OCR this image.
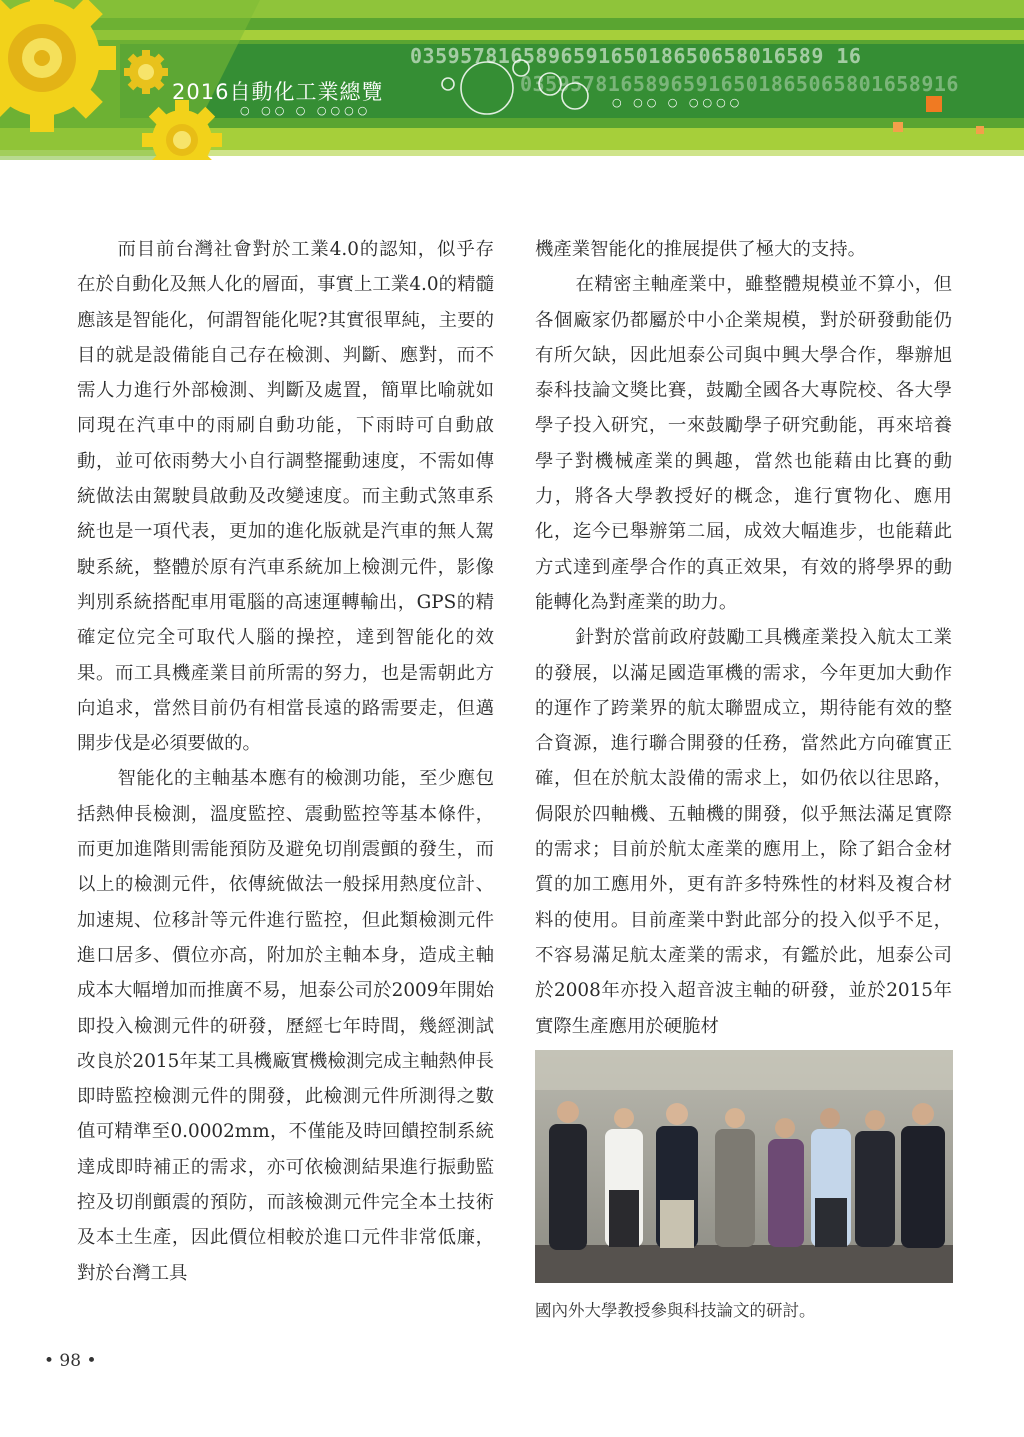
035957816589659165018650658016589 16
03595781658965916501865065801658916
○ ○○ ○ ○○○○
○ ○○ ○ ○○○○
2016自動化工業總覽

而目前台灣社會對於工業4.0的認知，似乎存在於自動化及無人化的層面，事實上工業4.0的精髓應該是智能化，何謂智能化呢?其實很單純，主要的目的就是設備能自己存在檢測、判斷、應對，而不需人力進行外部檢測、判斷及處置，簡單比喻就如同現在汽車中的雨刷自動功能，下雨時可自動啟動，並可依雨勢大小自行調整擺動速度，不需如傳統做法由駕駛員啟動及改變速度。而主動式煞車系統也是一項代表，更加的進化版就是汽車的無人駕駛系統，整體於原有汽車系統加上檢測元件，影像判別系統搭配車用電腦的高速運轉輸出，GPS的精確定位完全可取代人腦的操控，達到智能化的效果。而工具機產業目前所需的努力，也是需朝此方向追求，當然目前仍有相當長遠的路需要走，但邁開步伐是必須要做的。

智能化的主軸基本應有的檢測功能，至少應包括熱伸長檢測，溫度監控、震動監控等基本條件，而更加進階則需能預防及避免切削震顫的發生，而以上的檢測元件，依傳統做法一般採用熱度位計、加速規、位移計等元件進行監控，但此類檢測元件進口居多、價位亦高，附加於主軸本身，造成主軸成本大幅增加而推廣不易，旭泰公司於2009年開始即投入檢測元件的研發，歷經七年時間，幾經測試改良於2015年某工具機廠實機檢測完成主軸熱伸長即時監控檢測元件的開發，此檢測元件所測得之數值可精準至0.0002mm，不僅能及時回饋控制系統達成即時補正的需求，亦可依檢測結果進行振動監控及切削顫震的預防，而該檢測元件完全本土技術及本土生產，因此價位相較於進口元件非常低廉，對於台灣工具

機產業智能化的推展提供了極大的支持。

在精密主軸產業中，雖整體規模並不算小，但各個廠家仍都屬於中小企業規模，對於研發動能仍有所欠缺，因此旭泰公司與中興大學合作，舉辦旭泰科技論文獎比賽，鼓勵全國各大專院校、各大學學子投入研究，一來鼓勵學子研究動能，再來培養學子對機械產業的興趣，當然也能藉由比賽的動力，將各大學教授好的概念，進行實物化、應用化，迄今已舉辦第二屆，成效大幅進步，也能藉此方式達到產學合作的真正效果，有效的將學界的動能轉化為對產業的助力。

針對於當前政府鼓勵工具機產業投入航太工業的發展，以滿足國造軍機的需求，今年更加大動作的運作了跨業界的航太聯盟成立，期待能有效的整合資源，進行聯合開發的任務，當然此方向確實正確，但在於航太設備的需求上，如仍依以往思路，侷限於四軸機、五軸機的開發，似乎無法滿足實際的需求；目前於航太產業的應用上，除了鋁合金材質的加工應用外，更有許多特殊性的材料及複合材料的使用。目前產業中對此部分的投入似乎不足，不容易滿足航太產業的需求，有鑑於此，旭泰公司於2008年亦投入超音波主軸的研發，並於2015年實際生產應用於硬脆材

國內外大學教授參與科技論文的研討。
• 98 •
